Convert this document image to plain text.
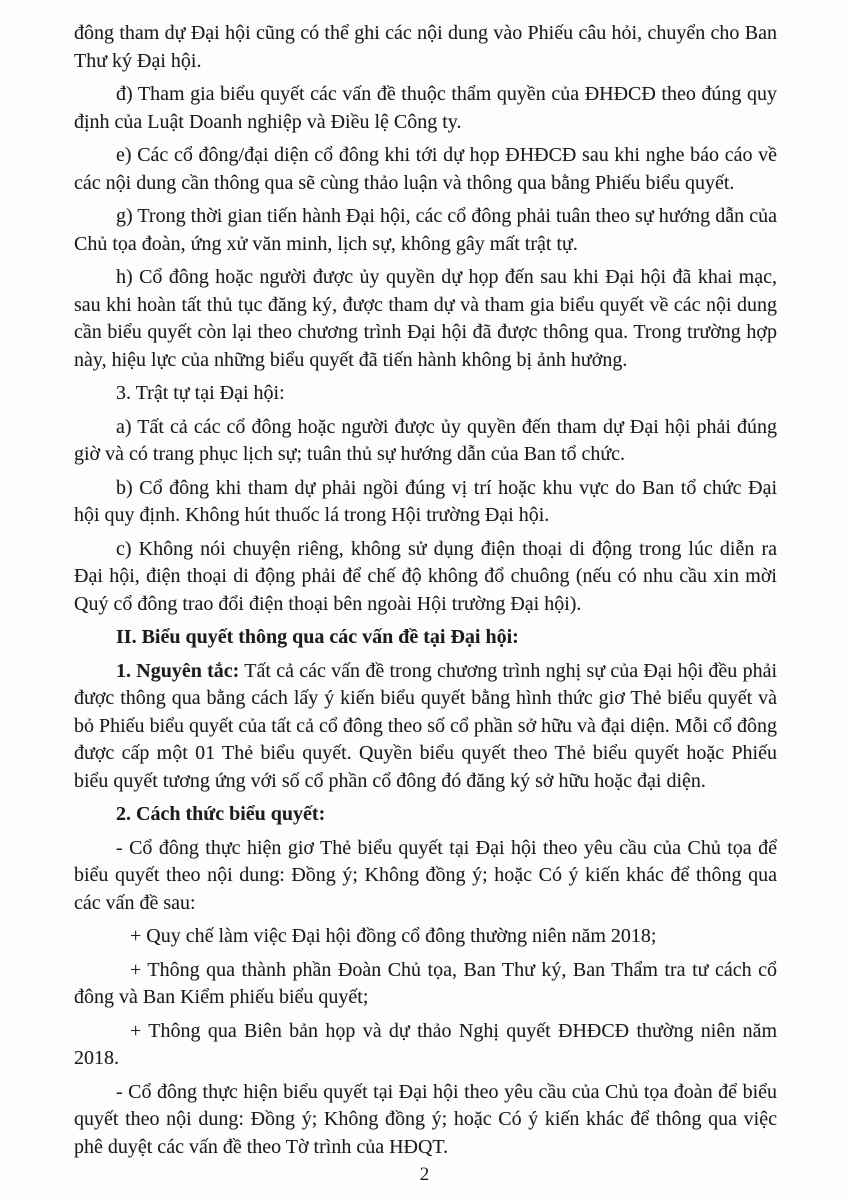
đông tham dự Đại hội cũng có thể ghi các nội dung vào Phiếu câu hỏi, chuyển cho Ban Thư ký Đại hội.

đ) Tham gia biểu quyết các vấn đề thuộc thẩm quyền của ĐHĐCĐ theo đúng quy định của Luật Doanh nghiệp và Điều lệ Công ty.

e) Các cổ đông/đại diện cổ đông khi tới dự họp ĐHĐCĐ sau khi nghe báo cáo về các nội dung cần thông qua sẽ cùng thảo luận và thông qua bằng Phiếu biểu quyết.

g) Trong thời gian tiến hành Đại hội, các cổ đông phải tuân theo sự hướng dẫn của Chủ tọa đoàn, ứng xử văn minh, lịch sự, không gây mất trật tự.

h) Cổ đông hoặc người được ủy quyền dự họp đến sau khi Đại hội đã khai mạc, sau khi hoàn tất thủ tục đăng ký, được tham dự và tham gia biểu quyết về các nội dung cần biểu quyết còn lại theo chương trình Đại hội đã được thông qua. Trong trường hợp này, hiệu lực của những biểu quyết đã tiến hành không bị ảnh hưởng.

3. Trật tự tại Đại hội:

a) Tất cả các cổ đông hoặc người được ủy quyền đến tham dự Đại hội phải đúng giờ và có trang phục lịch sự; tuân thủ sự hướng dẫn của Ban tổ chức.

b) Cổ đông khi tham dự phải ngồi đúng vị trí hoặc khu vực do Ban tổ chức Đại hội quy định. Không hút thuốc lá trong Hội trường Đại hội.

c) Không nói chuyện riêng, không sử dụng điện thoại di động trong lúc diễn ra Đại hội, điện thoại di động phải để chế độ không đổ chuông (nếu có nhu cầu xin mời Quý cổ đông trao đổi điện thoại bên ngoài Hội trường Đại hội).

II. Biểu quyết thông qua các vấn đề tại Đại hội:

1. Nguyên tắc: Tất cả các vấn đề trong chương trình nghị sự của Đại hội đều phải được thông qua bằng cách lấy ý kiến biểu quyết bằng hình thức giơ Thẻ biểu quyết và bỏ Phiếu biểu quyết của tất cả cổ đông theo số cổ phần sở hữu và đại diện. Mỗi cổ đông được cấp một 01 Thẻ biểu quyết. Quyền biểu quyết theo Thẻ biểu quyết hoặc Phiếu biểu quyết tương ứng với số cổ phần cổ đông đó đăng ký sở hữu hoặc đại diện.

2. Cách thức biểu quyết:

- Cổ đông thực hiện giơ Thẻ biểu quyết tại Đại hội theo yêu cầu của Chủ tọa để biểu quyết theo nội dung: Đồng ý; Không đồng ý; hoặc Có ý kiến khác để thông qua các vấn đề sau:

+ Quy chế làm việc Đại hội đồng cổ đông thường niên năm 2018;

+ Thông qua thành phần Đoàn Chủ tọa, Ban Thư ký, Ban Thẩm tra tư cách cổ đông và Ban Kiểm phiếu biểu quyết;

+ Thông qua Biên bản họp và dự thảo Nghị quyết ĐHĐCĐ thường niên năm 2018.

- Cổ đông thực hiện biểu quyết tại Đại hội theo yêu cầu của Chủ tọa đoàn để biểu quyết theo nội dung: Đồng ý; Không đồng ý; hoặc Có ý kiến khác để thông qua việc phê duyệt các vấn đề theo Tờ trình của HĐQT.

2
